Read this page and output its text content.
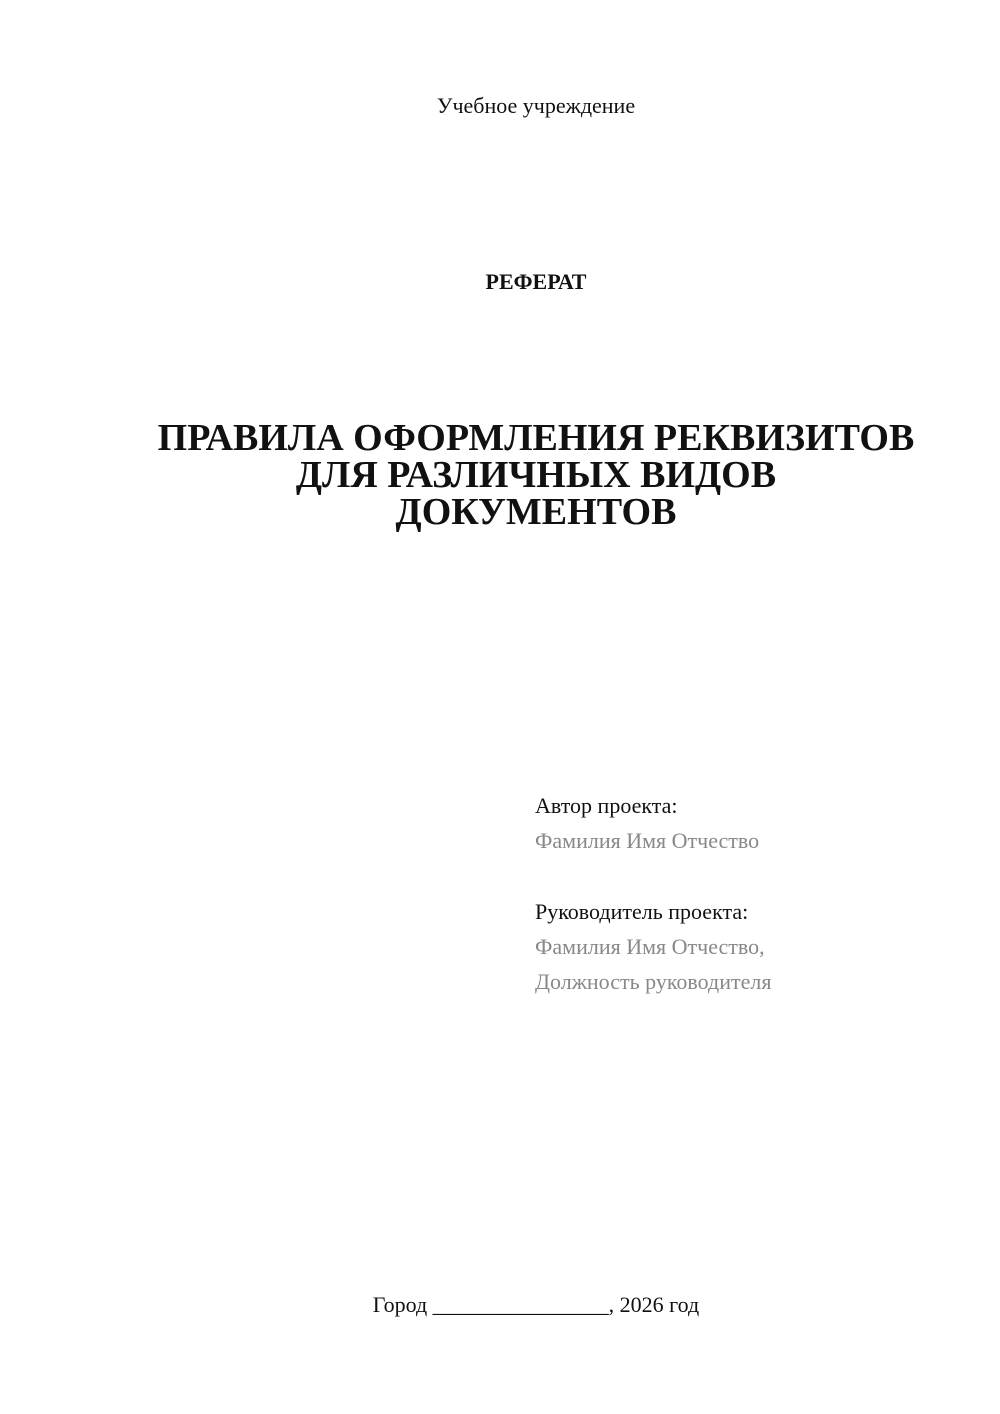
Учебное учреждение
РЕФЕРАТ
ПРАВИЛА ОФОРМЛЕНИЯ РЕКВИЗИТОВ
ДЛЯ РАЗЛИЧНЫХ ВИДОВ
ДОКУМЕНТОВ
Автор проекта:
Фамилия Имя Отчество
Руководитель проекта:
Фамилия Имя Отчество,
Должность руководителя
Город ________________, 2026 год
